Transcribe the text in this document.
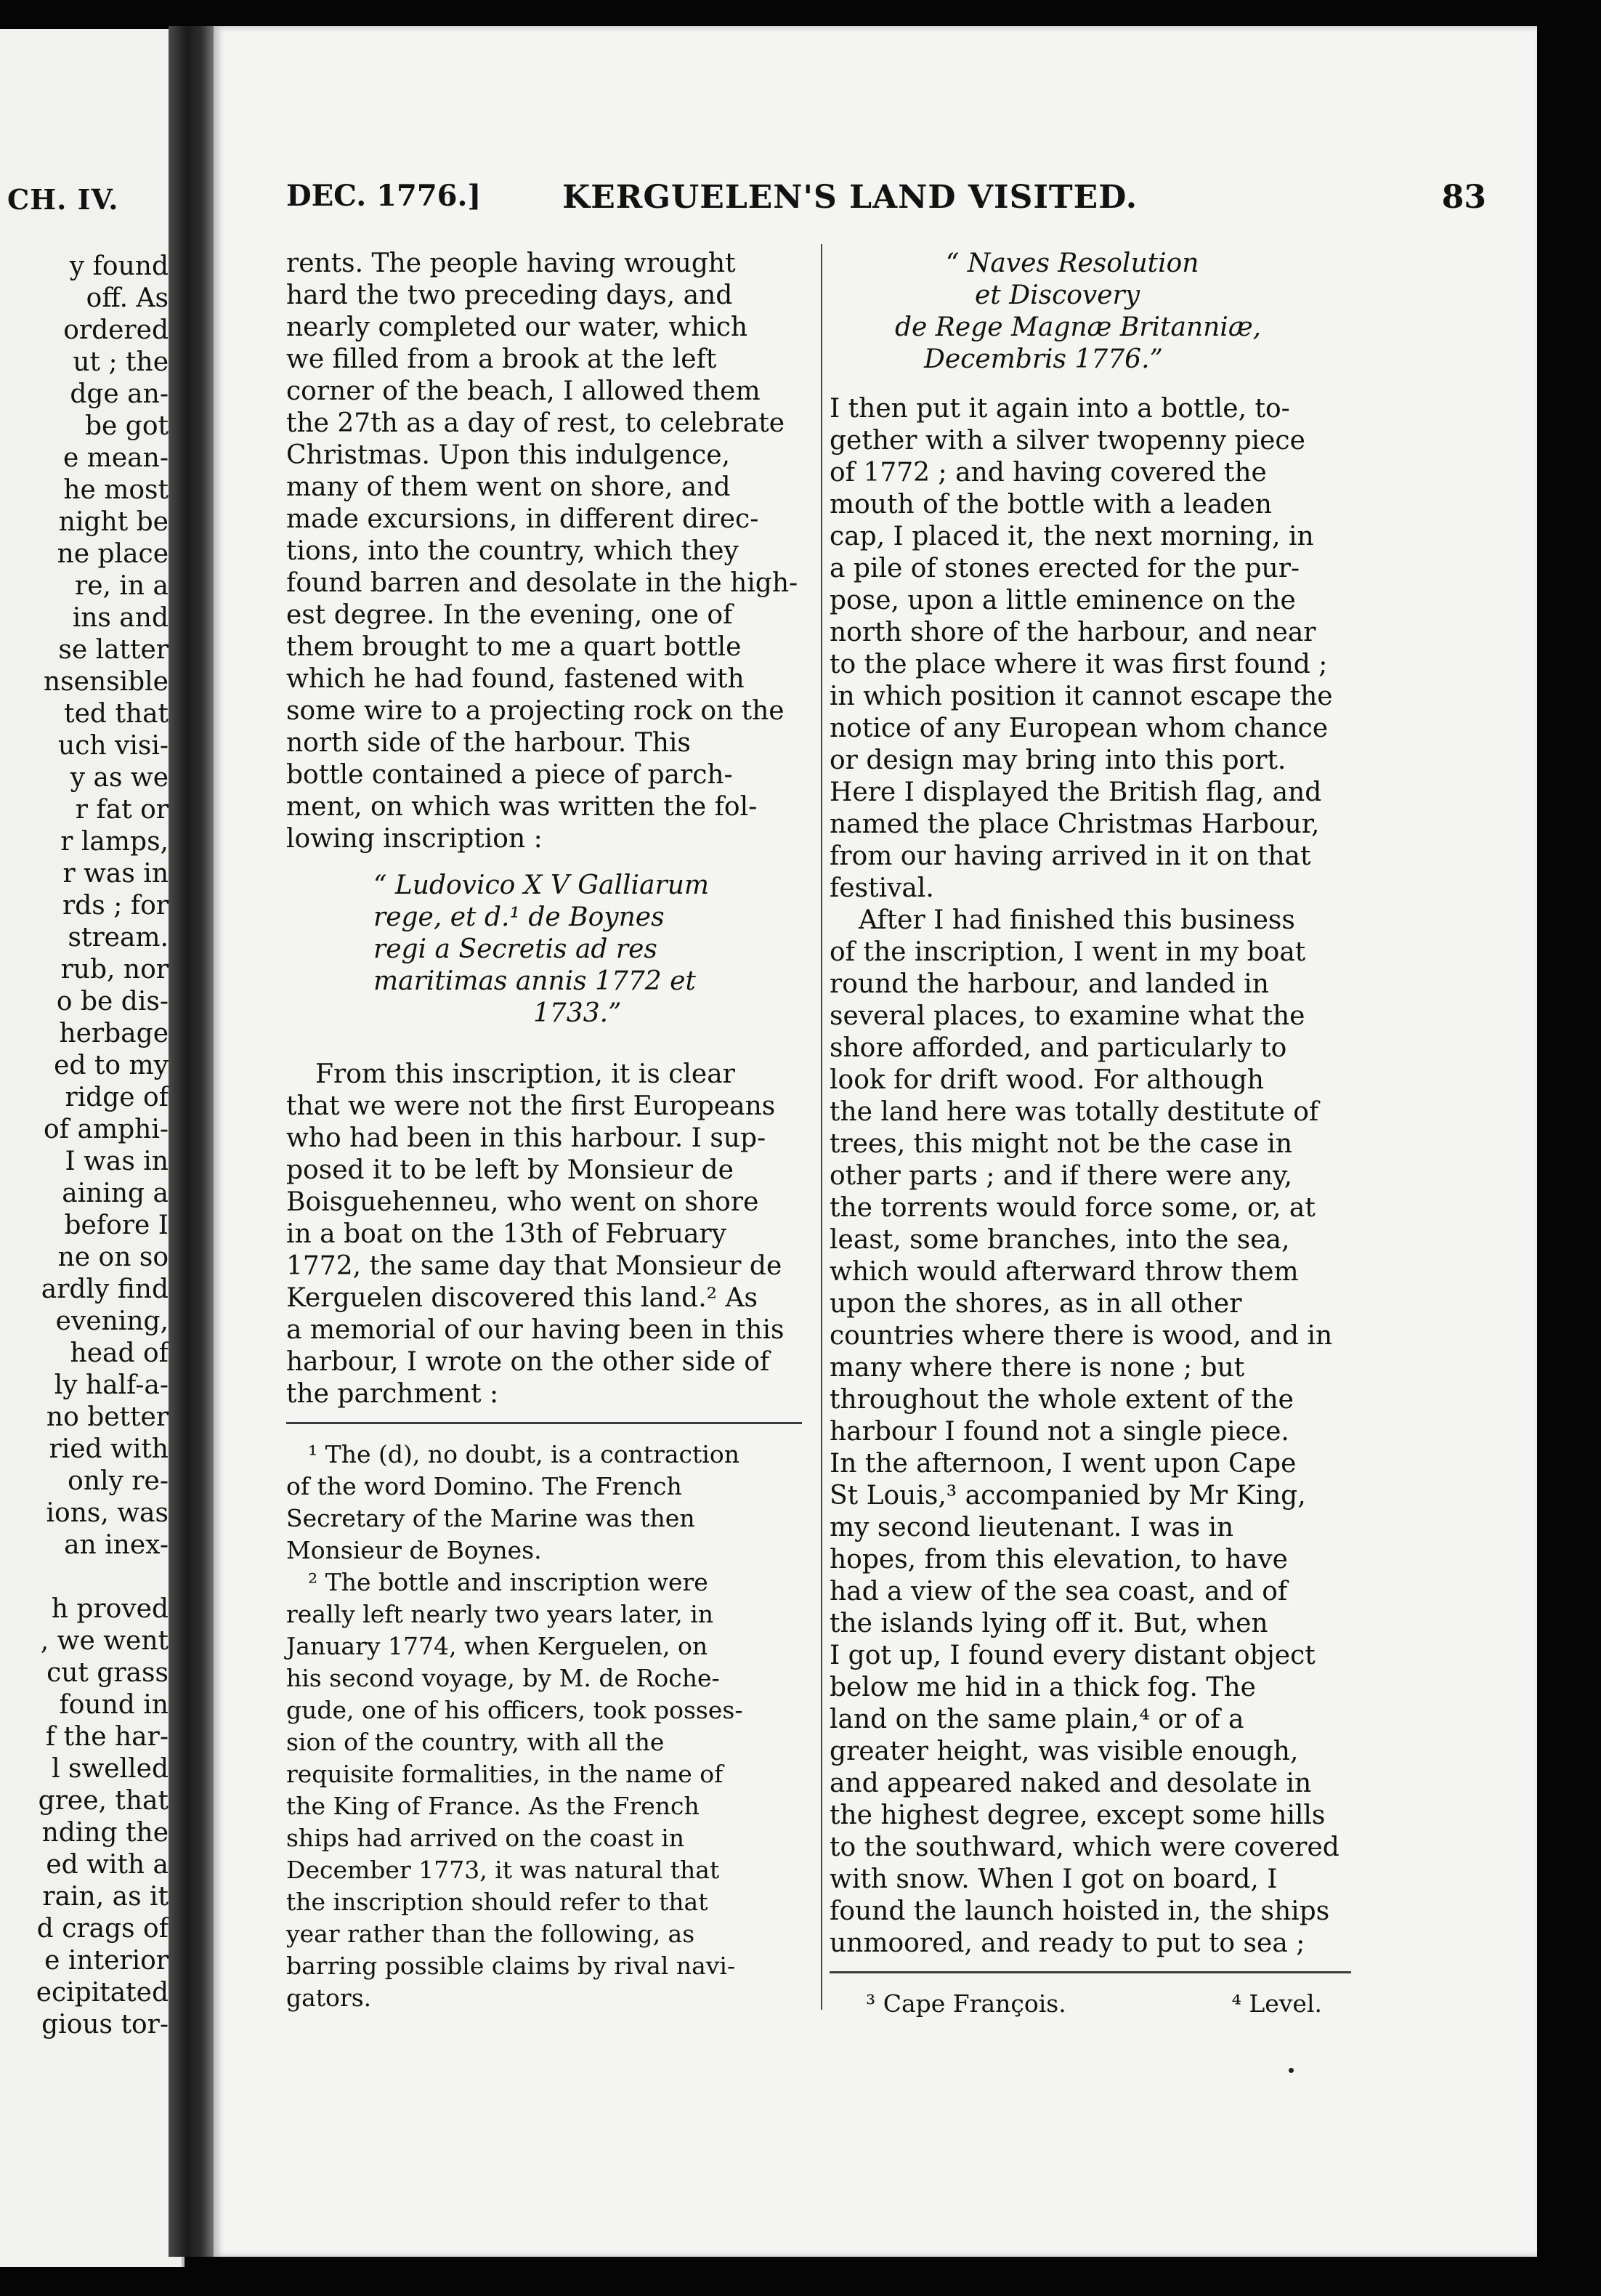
CH. IV.
y found
off. As
ordered
ut ; the
dge an-
be got
e mean-
he most
night be
ne place
re, in a
ins and
se latter
nsensible
ted that
uch visi-
y as we
r fat or
r lamps,
r was in
rds ; for
stream.
rub, nor
o be dis-
herbage
ed to my
ridge of
of amphi-
I was in
aining a
before I
ne on so
ardly find
evening,
head of
ly half-a-
no better
ried with
only re-
ions, was
an inex-
h proved
, we went
cut grass
found in
f the har-
l swelled
gree, that
nding the
ed with a
rain, as it
d crags of
e interior
ecipitated
gious tor-
DEC. 1776.]	KERGUELEN'S LAND VISITED.	83
rents. The people having wrought
hard the two preceding days, and
nearly completed our water, which
we filled from a brook at the left
corner of the beach, I allowed them
the 27th as a day of rest, to celebrate
Christmas. Upon this indulgence,
many of them went on shore, and
made excursions, in different direc-
tions, into the country, which they
found barren and desolate in the high-
est degree. In the evening, one of
them brought to me a quart bottle
which he had found, fastened with
some wire to a projecting rock on the
north side of the harbour. This
bottle contained a piece of parch-
ment, on which was written the fol-
lowing inscription :
“ Ludovico X V Galliarum
rege, et d.¹ de Boynes
regi a Secretis ad res
maritimas annis 1772 et
1733.”
From this inscription, it is clear
that we were not the first Europeans
who had been in this harbour. I sup-
posed it to be left by Monsieur de
Boisguehenneu, who went on shore
in a boat on the 13th of February
1772, the same day that Monsieur de
Kerguelen discovered this land.² As
a memorial of our having been in this
harbour, I wrote on the other side of
the parchment :
¹ The (d), no doubt, is a contraction
of the word Domino. The French
Secretary of the Marine was then
Monsieur de Boynes.
² The bottle and inscription were
really left nearly two years later, in
January 1774, when Kerguelen, on
his second voyage, by M. de Roche-
gude, one of his officers, took posses-
sion of the country, with all the
requisite formalities, in the name of
the King of France. As the French
ships had arrived on the coast in
December 1773, it was natural that
the inscription should refer to that
year rather than the following, as
barring possible claims by rival navi-
gators.
“ Naves Resolution
et Discovery
de Rege Magnæ Britanniæ,
Decembris 1776.”
I then put it again into a bottle, to-
gether with a silver twopenny piece
of 1772 ; and having covered the
mouth of the bottle with a leaden
cap, I placed it, the next morning, in
a pile of stones erected for the pur-
pose, upon a little eminence on the
north shore of the harbour, and near
to the place where it was first found ;
in which position it cannot escape the
notice of any European whom chance
or design may bring into this port.
Here I displayed the British flag, and
named the place Christmas Harbour,
from our having arrived in it on that
festival.
After I had finished this business
of the inscription, I went in my boat
round the harbour, and landed in
several places, to examine what the
shore afforded, and particularly to
look for drift wood. For although
the land here was totally destitute of
trees, this might not be the case in
other parts ; and if there were any,
the torrents would force some, or, at
least, some branches, into the sea,
which would afterward throw them
upon the shores, as in all other
countries where there is wood, and in
many where there is none ; but
throughout the whole extent of the
harbour I found not a single piece.
In the afternoon, I went upon Cape
St Louis,³ accompanied by Mr King,
my second lieutenant. I was in
hopes, from this elevation, to have
had a view of the sea coast, and of
the islands lying off it. But, when
I got up, I found every distant object
below me hid in a thick fog. The
land on the same plain,⁴ or of a
greater height, was visible enough,
and appeared naked and desolate in
the highest degree, except some hills
to the southward, which were covered
with snow. When I got on board, I
found the launch hoisted in, the ships
unmoored, and ready to put to sea ;
³ Cape François.	⁴ Level.
